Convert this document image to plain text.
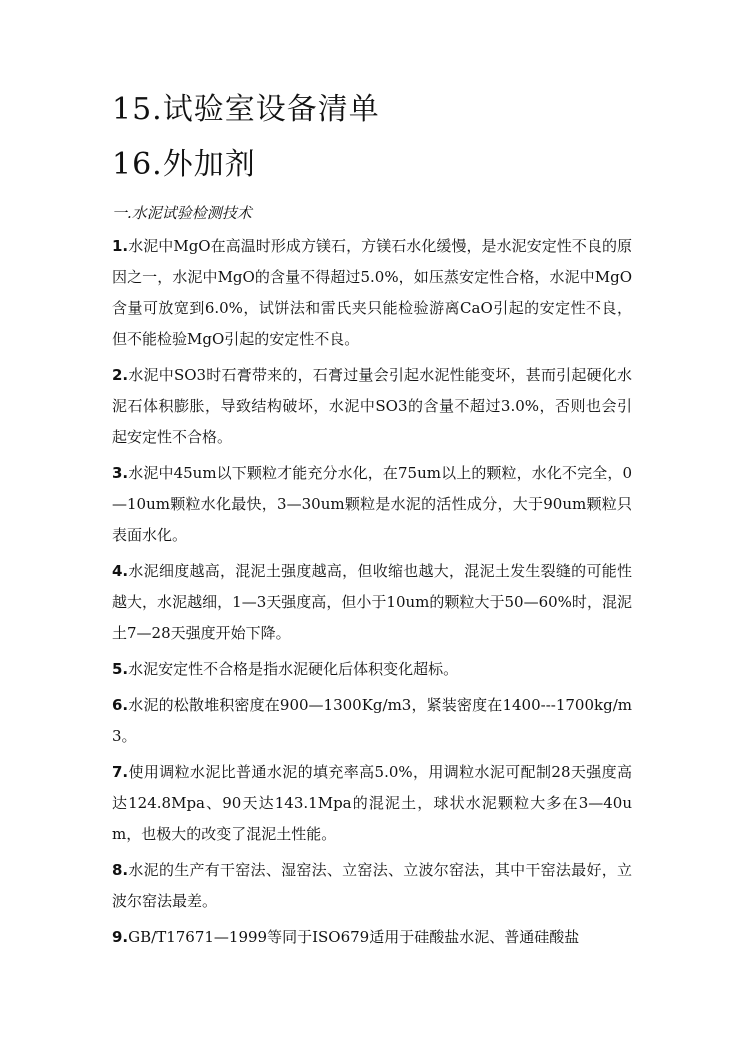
15.试验室设备清单
16.外加剂
一.水泥试验检测技术

1.水泥中MgO在高温时形成方镁石，方镁石水化缓慢，是水泥安定性不良的原因之一，水泥中MgO的含量不得超过5.0%，如压蒸安定性合格，水泥中MgO含量可放宽到6.0%，试饼法和雷氏夹只能检验游离CaO引起的安定性不良，但不能检验MgO引起的安定性不良。

2.水泥中SO3时石膏带来的，石膏过量会引起水泥性能变坏，甚而引起硬化水泥石体积膨胀，导致结构破坏，水泥中SO3的含量不超过3.0%，否则也会引起安定性不合格。

3.水泥中45um以下颗粒才能充分水化，在75um以上的颗粒，水化不完全，0—10um颗粒水化最快，3—30um颗粒是水泥的活性成分，大于90um颗粒只表面水化。

4.水泥细度越高，混泥土强度越高，但收缩也越大，混泥土发生裂缝的可能性越大，水泥越细，1—3天强度高，但小于10um的颗粒大于50—60%时，混泥土7—28天强度开始下降。

5.水泥安定性不合格是指水泥硬化后体积变化超标。

6.水泥的松散堆积密度在900—1300Kg/m3，紧装密度在1400---1700kg/m3。

7.使用调粒水泥比普通水泥的填充率高5.0%，用调粒水泥可配制28天强度高达124.8Mpa、90天达143.1Mpa的混泥土，球状水泥颗粒大多在3—40um，也极大的改变了混泥土性能。

8.水泥的生产有干窑法、湿窑法、立窑法、立波尔窑法，其中干窑法最好，立波尔窑法最差。

9.GB/T17671—1999等同于ISO679适用于硅酸盐水泥、普通硅酸盐
